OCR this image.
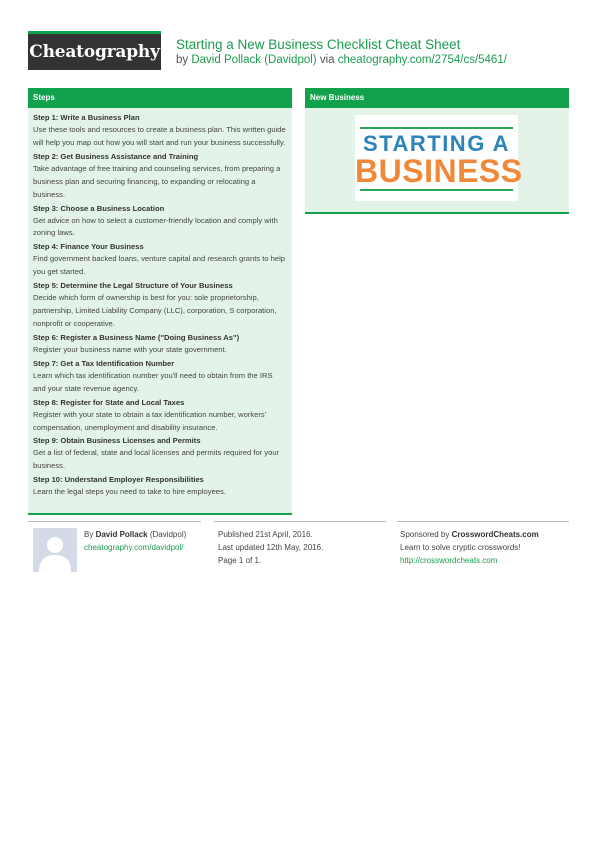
Cheatography Starting a New Business Checklist Cheat Sheet
by David Pollack (Davidpol) via cheatography.com/2754/cs/5461/
Steps
Step 1: Write a Business Plan
Use these tools and resources to create a business plan. This written guide will help you map out how you will start and run your business successfully.
Step 2: Get Business Assistance and Training
Take advantage of free training and counseling services, from preparing a business plan and securing financing, to expanding or relocating a business.
Step 3: Choose a Business Location
Get advice on how to select a customer-friendly location and comply with zoning laws.
Step 4: Finance Your Business
Find government backed loans, venture capital and research grants to help you get started.
Step 5: Determine the Legal Structure of Your Business
Decide which form of ownership is best for you: sole proprietorship, partnership, Limited Liability Company (LLC), corporation, S corporation, nonprofit or cooperative.
Step 6: Register a Business Name ("Doing Business As")
Register your business name with your state government.
Step 7: Get a Tax Identification Number
Learn which tax identification number you'll need to obtain from the IRS and your state revenue agency.
Step 8: Register for State and Local Taxes
Register with your state to obtain a tax identification number, workers' compensation, unemployment and disability insurance.
Step 9: Obtain Business Licenses and Permits
Get a list of federal, state and local licenses and permits required for your business.
Step 10: Understand Employer Responsibilities
Learn the legal steps you need to take to hire employees.
New Business
STARTING A
BUSINESS
By David Pollack (Davidpol)
cheatography.com/davidpol/
Published 21st April, 2016.
Last updated 12th May, 2016.
Page 1 of 1.
Sponsored by CrosswordCheats.com
Learn to solve cryptic crosswords!
http://crosswordcheats.com
